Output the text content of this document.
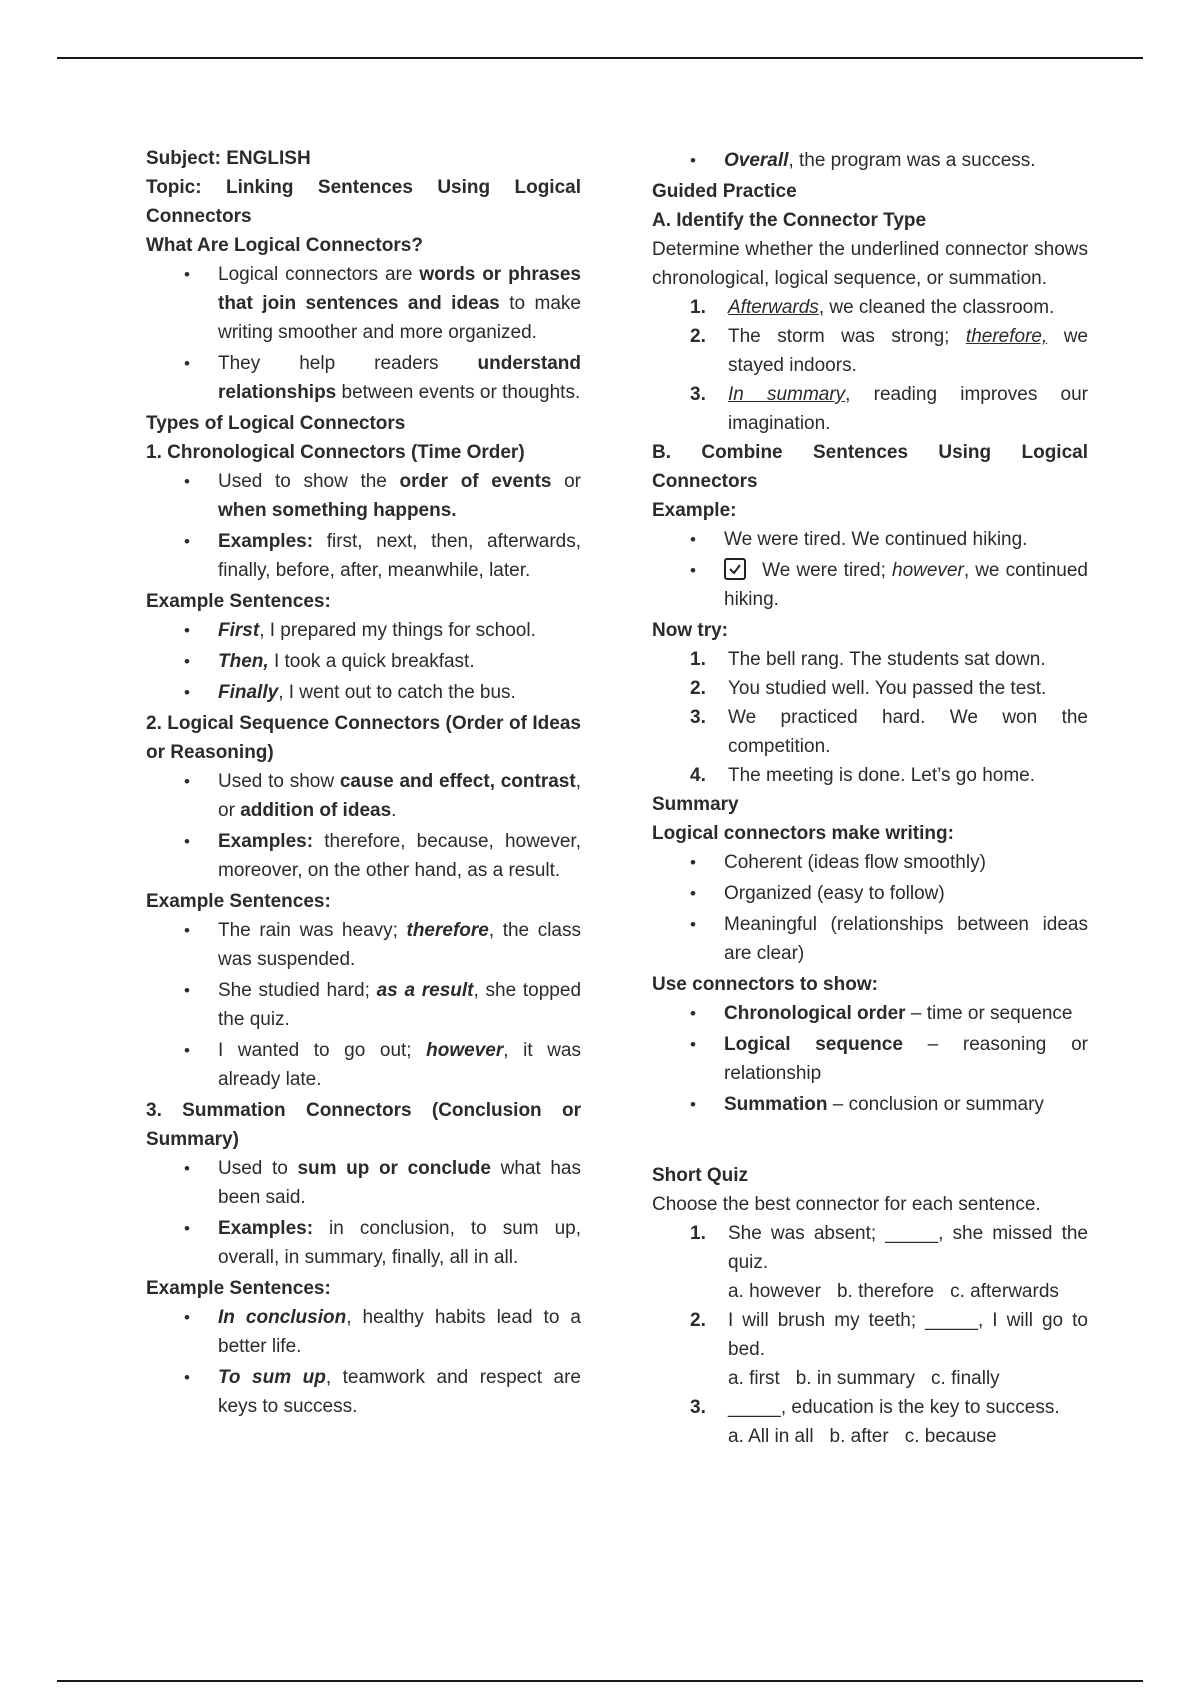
Subject: ENGLISH
Topic: Linking Sentences Using Logical Connectors
What Are Logical Connectors?
• Logical connectors are words or phrases that join sentences and ideas to make writing smoother and more organized.
• They help readers understand relationships between events or thoughts.
Types of Logical Connectors
1. Chronological Connectors (Time Order)
• Used to show the order of events or when something happens.
• Examples: first, next, then, afterwards, finally, before, after, meanwhile, later.
Example Sentences:
• First, I prepared my things for school.
• Then, I took a quick breakfast.
• Finally, I went out to catch the bus.
2. Logical Sequence Connectors (Order of Ideas or Reasoning)
• Used to show cause and effect, contrast, or addition of ideas.
• Examples: therefore, because, however, moreover, on the other hand, as a result.
Example Sentences:
• The rain was heavy; therefore, the class was suspended.
• She studied hard; as a result, she topped the quiz.
• I wanted to go out; however, it was already late.
3. Summation Connectors (Conclusion or Summary)
• Used to sum up or conclude what has been said.
• Examples: in conclusion, to sum up, overall, in summary, finally, all in all.
Example Sentences:
• In conclusion, healthy habits lead to a better life.
• To sum up, teamwork and respect are keys to success.
• Overall, the program was a success.
Guided Practice
A. Identify the Connector Type
Determine whether the underlined connector shows chronological, logical sequence, or summation.
1. Afterwards, we cleaned the classroom.
2. The storm was strong; therefore, we stayed indoors.
3. In summary, reading improves our imagination.
B. Combine Sentences Using Logical Connectors
Example:
• We were tired. We continued hiking.
• We were tired; however, we continued hiking.
Now try:
1. The bell rang. The students sat down.
2. You studied well. You passed the test.
3. We practiced hard. We won the competition.
4. The meeting is done. Let’s go home.
Summary
Logical connectors make writing:
• Coherent (ideas flow smoothly)
• Organized (easy to follow)
• Meaningful (relationships between ideas are clear)
Use connectors to show:
• Chronological order – time or sequence
• Logical sequence – reasoning or relationship
• Summation – conclusion or summary
Short Quiz
Choose the best connector for each sentence.
1. She was absent; _____, she missed the quiz.
a. however b. therefore c. afterwards
2. I will brush my teeth; _____, I will go to bed.
a. first b. in summary c. finally
3. _____, education is the key to success.
a. All in all b. after c. because
